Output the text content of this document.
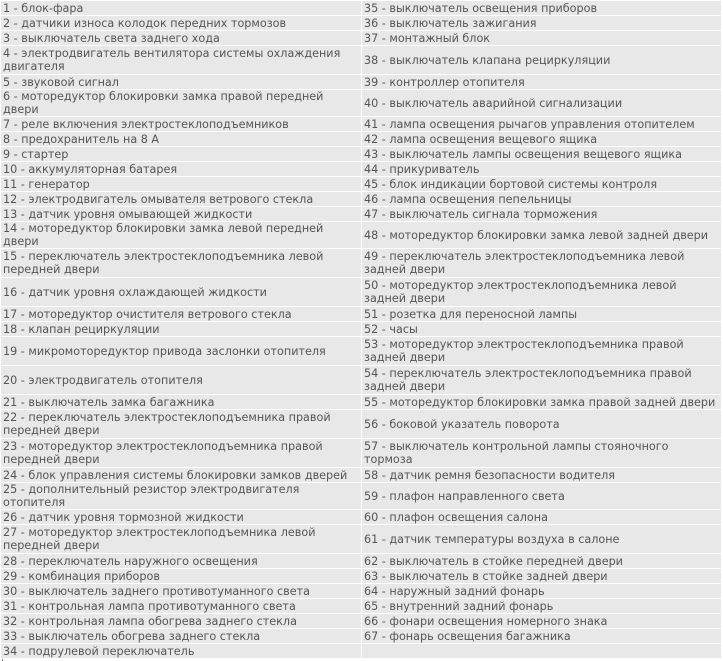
1 - блок-фара	35 - выключатель освещения приборов
2 - датчики износа колодок передних тормозов	36 - выключатель зажигания
3 - выключатель света заднего хода	37 - монтажный блок
4 - электродвигатель вентилятора системы охлаждения двигателя	38 - выключатель клапана рециркуляции
5 - звуковой сигнал	39 - контроллер отопителя
6 - моторедуктор блокировки замка правой передней двери	40 - выключатель аварийной сигнализации
7 - реле включения электростеклоподъемников	41 - лампа освещения рычагов управления отопителем
8 - предохранитель на 8 А	42 - лампа освещения вещевого ящика
9 - стартер	43 - выключатель лампы освещения вещевого ящика
10 - аккумуляторная батарея	44 - прикуриватель
11 - генератор	45 - блок индикации бортовой системы контроля
12 - электродвигатель омывателя ветрового стекла	46 - лампа освещения пепельницы
13 - датчик уровня омывающей жидкости	47 - выключатель сигнала торможения
14 - моторедуктор блокировки замка левой передней двери	48 - моторедуктор блокировки замка левой задней двери
15 - переключатель электростеклоподъемника левой передней двери	49 - переключатель электростеклоподъемника левой задней двери
16 - датчик уровня охлаждающей жидкости	50 - моторедуктор электростеклоподъемника левой задней двери
17 - моторедуктор очистителя ветрового стекла	51 - розетка для переносной лампы
18 - клапан рециркуляции	52 - часы
19 - микромоторедуктор привода заслонки отопителя	53 - моторедуктор электростеклоподъемника правой задней двери
20 - электродвигатель отопителя	54 - переключатель электростеклоподъемника правой задней двери
21 - выключатель замка багажника	55 - моторедуктор блокировки замка правой задней двери
22 - переключатель электростеклоподъемника правой передней двери	56 - боковой указатель поворота
23 - моторедуктор электростеклоподъемника правой передней двери	57 - выключатель контрольной лампы стояночного тормоза
24 - блок управления системы блокировки замков дверей	58 - датчик ремня безопасности водителя
25 - дополнительный резистор электродвигателя отопителя	59 - плафон направленного света
26 - датчик уровня тормозной жидкости	60 - плафон освещения салона
27 - моторедуктор электростеклоподъемника левой передней двери	61 - датчик температуры воздуха в салоне
28 - переключатель наружного освещения	62 - выключатель в стойке передней двери
29 - комбинация приборов	63 - выключатель в стойке задней двери
30 - выключатель заднего противотуманного света	64 - наружный задний фонарь
31 - контрольная лампа противотуманного света	65 - внутренний задний фонарь
32 - контрольная лампа обогрева заднего стекла	66 - фонари освещения номерного знака
33 - выключатель обогрева заднего стекла	67 - фонарь освещения багажника
34 - подрулевой переключатель	
